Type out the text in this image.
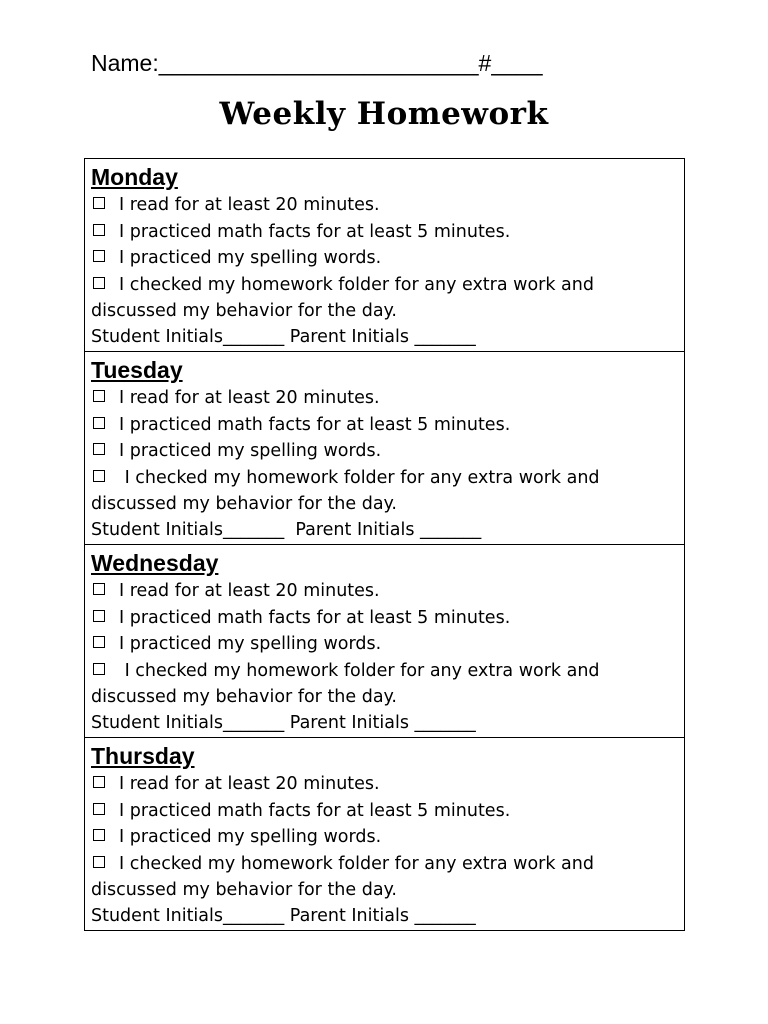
Name:_________________________#____
Weekly Homework
Monday
I read for at least 20 minutes.
I practiced math facts for at least 5 minutes.
I practiced my spelling words.
I checked my homework folder for any extra work and
discussed my behavior for the day.
Student Initials_______ Parent Initials _______
Tuesday
I read for at least 20 minutes.
I practiced math facts for at least 5 minutes.
I practiced my spelling words.
I checked my homework folder for any extra work and
discussed my behavior for the day.
Student Initials_______  Parent Initials _______
Wednesday
I read for at least 20 minutes.
I practiced math facts for at least 5 minutes.
I practiced my spelling words.
I checked my homework folder for any extra work and
discussed my behavior for the day.
Student Initials_______ Parent Initials _______
Thursday
I read for at least 20 minutes.
I practiced math facts for at least 5 minutes.
I practiced my spelling words.
I checked my homework folder for any extra work and
discussed my behavior for the day.
Student Initials_______ Parent Initials _______
